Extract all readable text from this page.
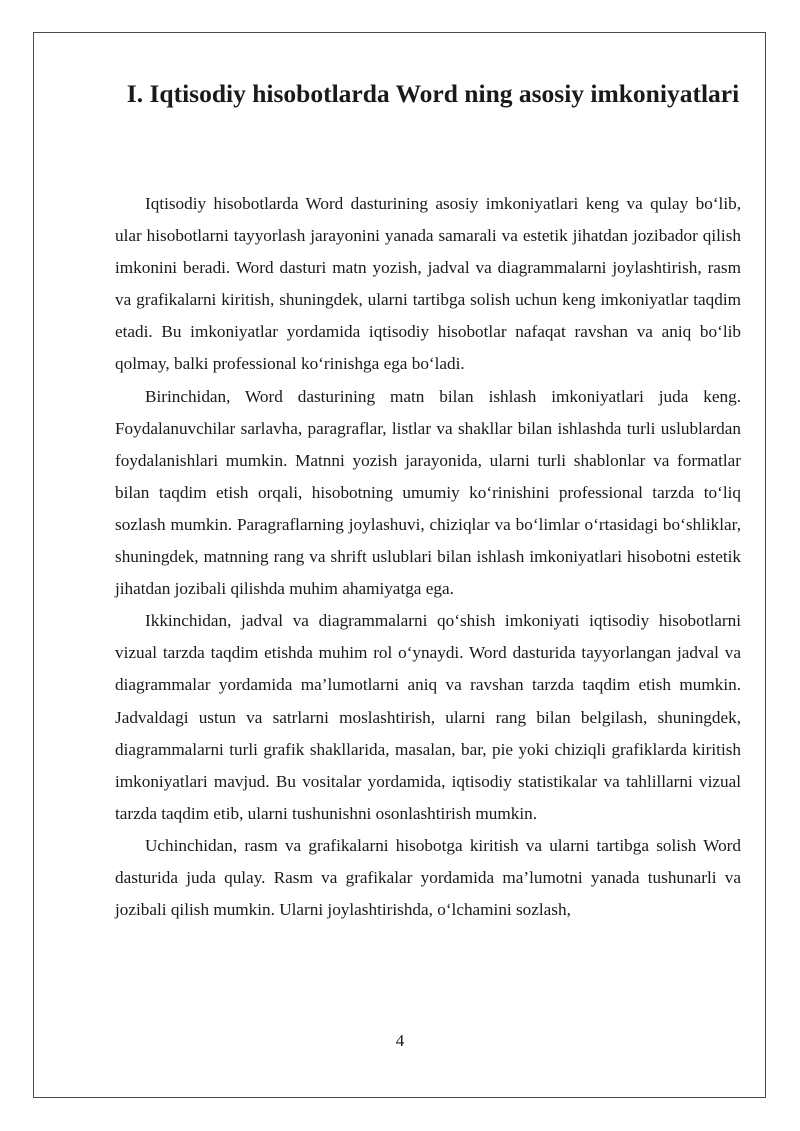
I. Iqtisodiy hisobotlarda Word ning asosiy imkoniyatlari

Iqtisodiy hisobotlarda Word dasturining asosiy imkoniyatlari keng va qulay bo‘lib, ular hisobotlarni tayyorlash jarayonini yanada samarali va estetik jihatdan jozibador qilish imkonini beradi. Word dasturi matn yozish, jadval va diagrammalarni joylashtirish, rasm va grafikalarni kiritish, shuningdek, ularni tartibga solish uchun keng imkoniyatlar taqdim etadi. Bu imkoniyatlar yordamida iqtisodiy hisobotlar nafaqat ravshan va aniq bo‘lib qolmay, balki professional ko‘rinishga ega bo‘ladi.

Birinchidan, Word dasturining matn bilan ishlash imkoniyatlari juda keng. Foydalanuvchilar sarlavha, paragraflar, listlar va shakllar bilan ishlashda turli uslublardan foydalanishlari mumkin. Matnni yozish jarayonida, ularni turli shablonlar va formatlar bilan taqdim etish orqali, hisobotning umumiy ko‘rinishini professional tarzda to‘liq sozlash mumkin. Paragraflarning joylashuvi, chiziqlar va bo‘limlar o‘rtasidagi bo‘shliklar, shuningdek, matnning rang va shrift uslublari bilan ishlash imkoniyatlari hisobotni estetik jihatdan jozibali qilishda muhim ahamiyatga ega.

Ikkinchidan, jadval va diagrammalarni qo‘shish imkoniyati iqtisodiy hisobotlarni vizual tarzda taqdim etishda muhim rol o‘ynaydi. Word dasturida tayyorlangan jadval va diagrammalar yordamida ma’lumotlarni aniq va ravshan tarzda taqdim etish mumkin. Jadvaldagi ustun va satrlarni moslashtirish, ularni rang bilan belgilash, shuningdek, diagrammalarni turli grafik shakllarida, masalan, bar, pie yoki chiziqli grafiklarda kiritish imkoniyatlari mavjud. Bu vositalar yordamida, iqtisodiy statistikalar va tahlillarni vizual tarzda taqdim etib, ularni tushunishni osonlashtirish mumkin.

Uchinchidan, rasm va grafikalarni hisobotga kiritish va ularni tartibga solish Word dasturida juda qulay. Rasm va grafikalar yordamida ma’lumotni yanada tushunarli va jozibali qilish mumkin. Ularni joylashtirishda, o‘lchamini sozlash,

4
